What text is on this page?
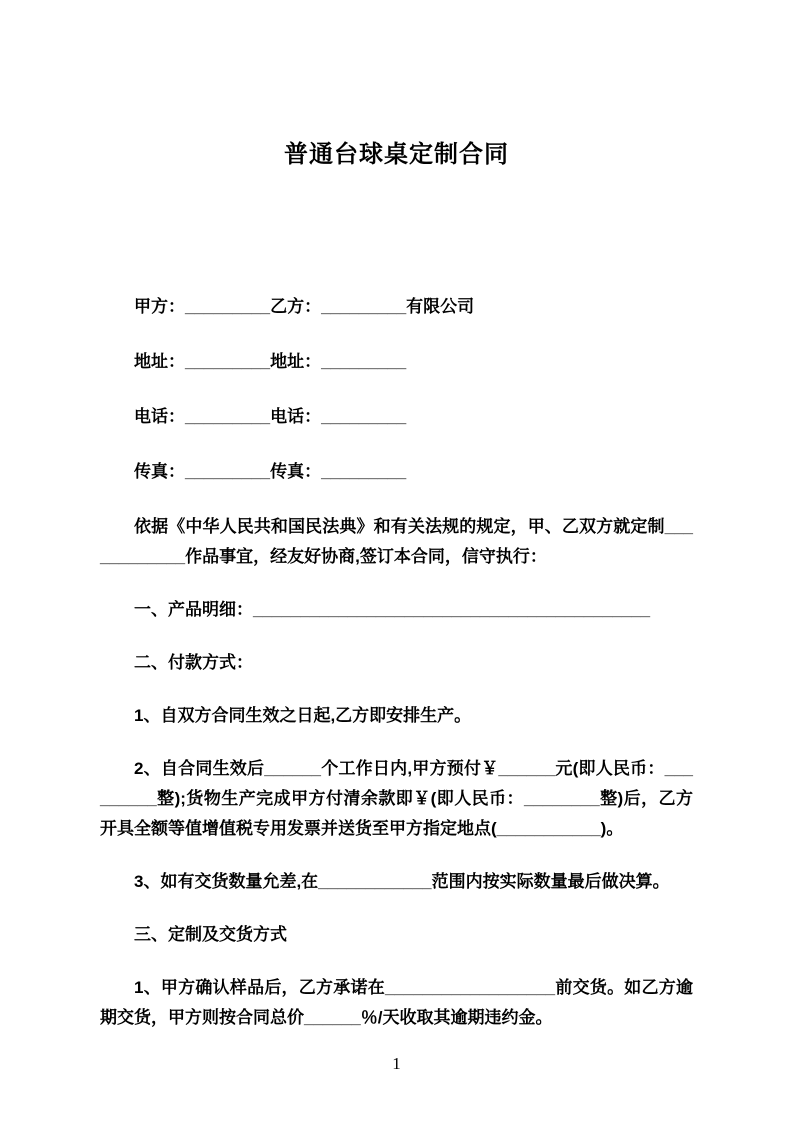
普通台球桌定制合同

甲方：_________乙方：_________有限公司

地址：_________地址：_________

电话：_________电话：_________

传真：_________传真：_________

依据《中华人民共和国民法典》和有关法规的规定，甲、乙双方就定制____________作品事宜，经友好协商,签订本合同，信守执行：

一、产品明细：__________________________________________

二、付款方式：

1、自双方合同生效之日起,乙方即安排生产。

2、自合同生效后______个工作日内,甲方预付￥______元(即人民币：_________整);货物生产完成甲方付清余款即￥(即人民币：________整)后，乙方开具全额等值增值税专用发票并送货至甲方指定地点(___________)。

3、如有交货数量允差,在____________范围内按实际数量最后做决算。

三、定制及交货方式

1、甲方确认样品后，乙方承诺在__________________前交货。如乙方逾期交货，甲方则按合同总价______％/天收取其逾期违约金。

1
